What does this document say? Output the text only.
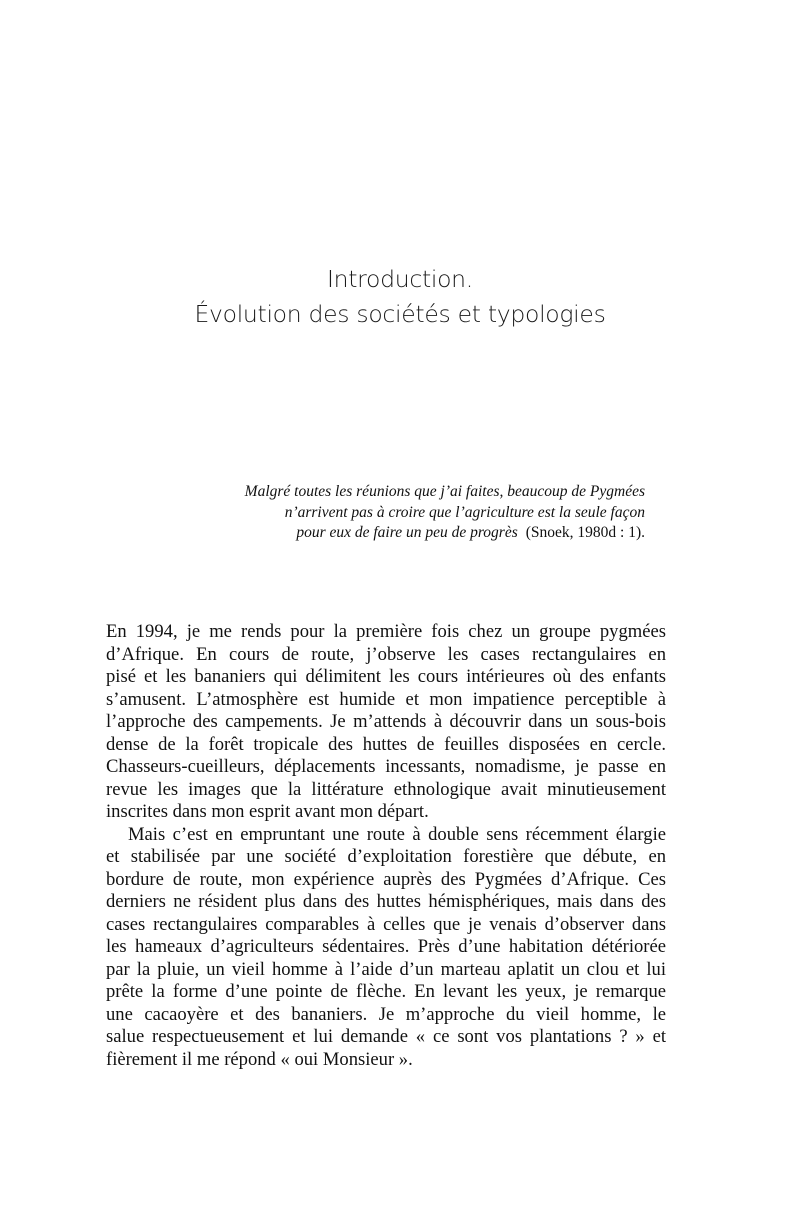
Introduction.
Évolution des sociétés et typologies
Malgré toutes les réunions que j’ai faites, beaucoup de Pygmées
n’arrivent pas à croire que l’agriculture est la seule façon
pour eux de faire un peu de progrès (Snoek, 1980d : 1).
En 1994, je me rends pour la première fois chez un groupe pygmées
d’Afrique. En cours de route, j’observe les cases rectangulaires en
pisé et les bananiers qui délimitent les cours intérieures où des enfants
s’amusent. L’atmosphère est humide et mon impatience perceptible à
l’approche des campements. Je m’attends à découvrir dans un sous-bois
dense de la forêt tropicale des huttes de feuilles disposées en cercle.
Chasseurs-cueilleurs, déplacements incessants, nomadisme, je passe en
revue les images que la littérature ethnologique avait minutieusement
inscrites dans mon esprit avant mon départ.
Mais c’est en empruntant une route à double sens récemment élargie
et stabilisée par une société d’exploitation forestière que débute, en
bordure de route, mon expérience auprès des Pygmées d’Afrique. Ces
derniers ne résident plus dans des huttes hémisphériques, mais dans des
cases rectangulaires comparables à celles que je venais d’observer dans
les hameaux d’agriculteurs sédentaires. Près d’une habitation détériorée
par la pluie, un vieil homme à l’aide d’un marteau aplatit un clou et lui
prête la forme d’une pointe de flèche. En levant les yeux, je remarque
une cacaoyère et des bananiers. Je m’approche du vieil homme, le
salue respectueusement et lui demande « ce sont vos plantations ? » et
fièrement il me répond « oui Monsieur ».
